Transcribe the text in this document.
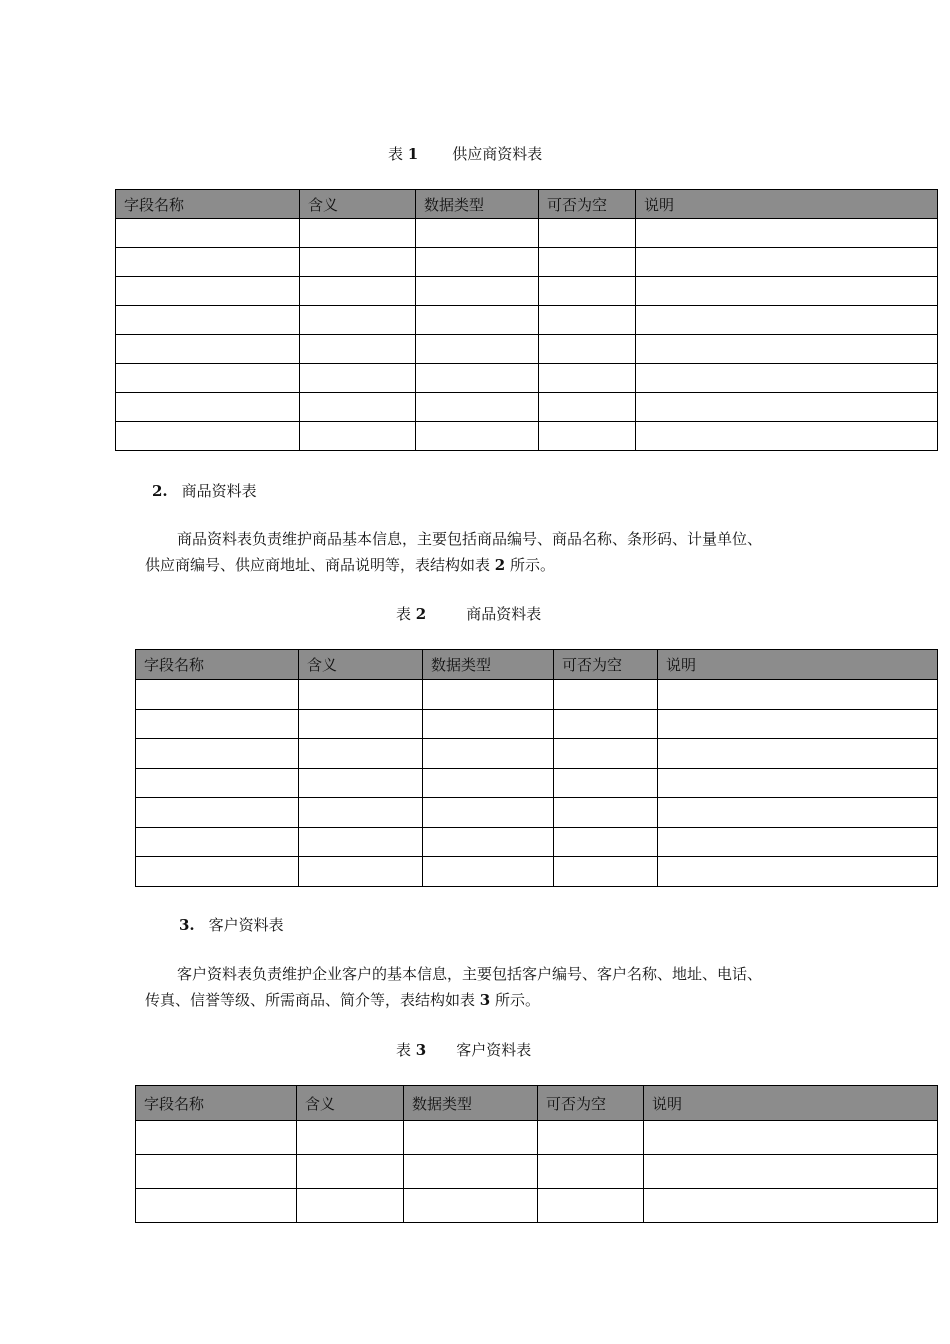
表 1 供应商资料表
字段名称	含义	数据类型	可否为空	说明

2. 商品资料表
商品资料表负责维护商品基本信息，主要包括商品编号、商品名称、条形码、计量单位、
供应商编号、供应商地址、商品说明等，表结构如表 2 所示。
表 2	商品资料表
字段名称	含义	数据类型	可否为空	说明

3. 客户资料表
客户资料表负责维护企业客户的基本信息，主要包括客户编号、客户名称、地址、电话、
传真、信誉等级、所需商品、简介等，表结构如表 3 所示。
表 3 客户资料表
字段名称	含义	数据类型	可否为空	说明
